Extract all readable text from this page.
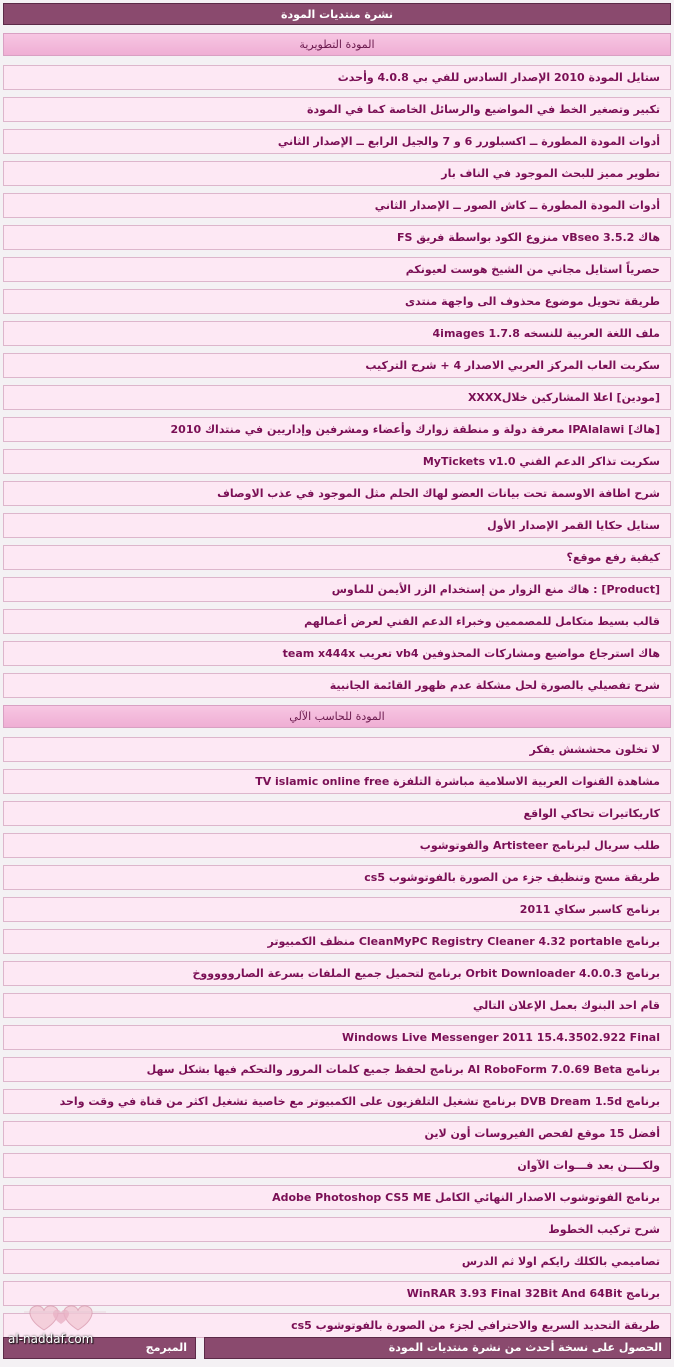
نشرة منتديات المودة
المودة التطويرية
ستايل المودة 2010 الإصدار السادس للفي بي 4.0.8 وأحدث
تكبير وتصغير الخط في المواضيع والرسائل الخاصة كما في المودة
أدوات المودة المطورة ــ اكسبلورر 6 و 7 والجيل الرابع ــ الإصدار الثاني
تطوير مميز للبحث الموجود في الناف بار
أدوات المودة المطورة ــ كاش الصور ــ الإصدار الثاني
هاك vBseo 3.5.2 منزوع الكود بواسطة فريق FS
حصرياً استايل مجاني من الشيخ هوست لعيونكم
طريقة تحويل موضوع محذوف الى واجهة منتدى
ملف اللغة العربية للنسخه 4images 1.7.8
سكربت العاب المركز العربي الاصدار 4 + شرح التركيب
[مودين] اعلا المشاركين خلالXXXX
[هاك] IPAlalawi معرفة دولة و منطقة زوارك وأعضاء ومشرفين وإداريين في منتداك 2010
سكربت تذاكر الدعم الفني MyTickets v1.0
شرح اظافة الاوسمة تحت بيانات العضو لهاك الحلم مثل الموجود في عذب الاوصاف
ستايل حكايا القمر الإصدار الأول
كيفية رفع موقع؟
[Product] : هاك منع الزوار من إستخدام الزر الأيمن للماوس
قالب بسيط متكامل للمصممين وخبراء الدعم الفني لعرض أعمالهم
هاك استرجاع مواضيع ومشاركات المحذوفين vb4 تعريب team x444x
شرح تفصيلي بالصورة لحل مشكلة عدم ظهور القائمة الجانبية
المودة للحاسب الآلي
لا تخلون محششش يفكر
مشاهدة القنوات العربية الاسلامية مباشرة التلفزة TV islamic online free
كاريكاتيرات تحاكي الواقع
طلب سريال لبرنامج Artisteer والفوتوشوب
طريقة مسح وتنظيف جزء من الصورة بالفوتوشوب cs5
برنامج كاسبر سكاي 2011
برنامج CleanMyPC Registry Cleaner 4.32 portable منظف الكمبيوتر
برنامج Orbit Downloader 4.0.0.3 برنامج لتحميل جميع الملفات بسرعة الصاروووووخ
قام احد البنوك بعمل الإعلان التالي
Windows Live Messenger 2011 15.4.3502.922 Final
برنامج AI RoboForm 7.0.69 Beta برنامج لحفظ جميع كلمات المرور والتحكم فيها بشكل سهل
برنامج DVB Dream 1.5d برنامج تشغيل التلفزيون على الكمبيوتر مع خاصية تشغيل اكثر من قناة في وقت واحد
أفضل 15 موقع لفحص الفيروسات أون لاين
ولكــــن بعد فـــوات الآوان
برنامج الفوتوشوب الاصدار النهائي الكامل Adobe Photoshop CS5 ME
شرح تركيب الخطوط
تصاميمي بالكلك رايكم اولا ثم الدرس
برنامج WinRAR 3.93 Final 32Bit And 64Bit
طريقة التحديد السريع والاحترافي لجزء من الصورة بالفوتوشوب cs5
الحصول على نسخة أحدث من نشرة منتديات المودة
المبرمج
al-naddaf.com
